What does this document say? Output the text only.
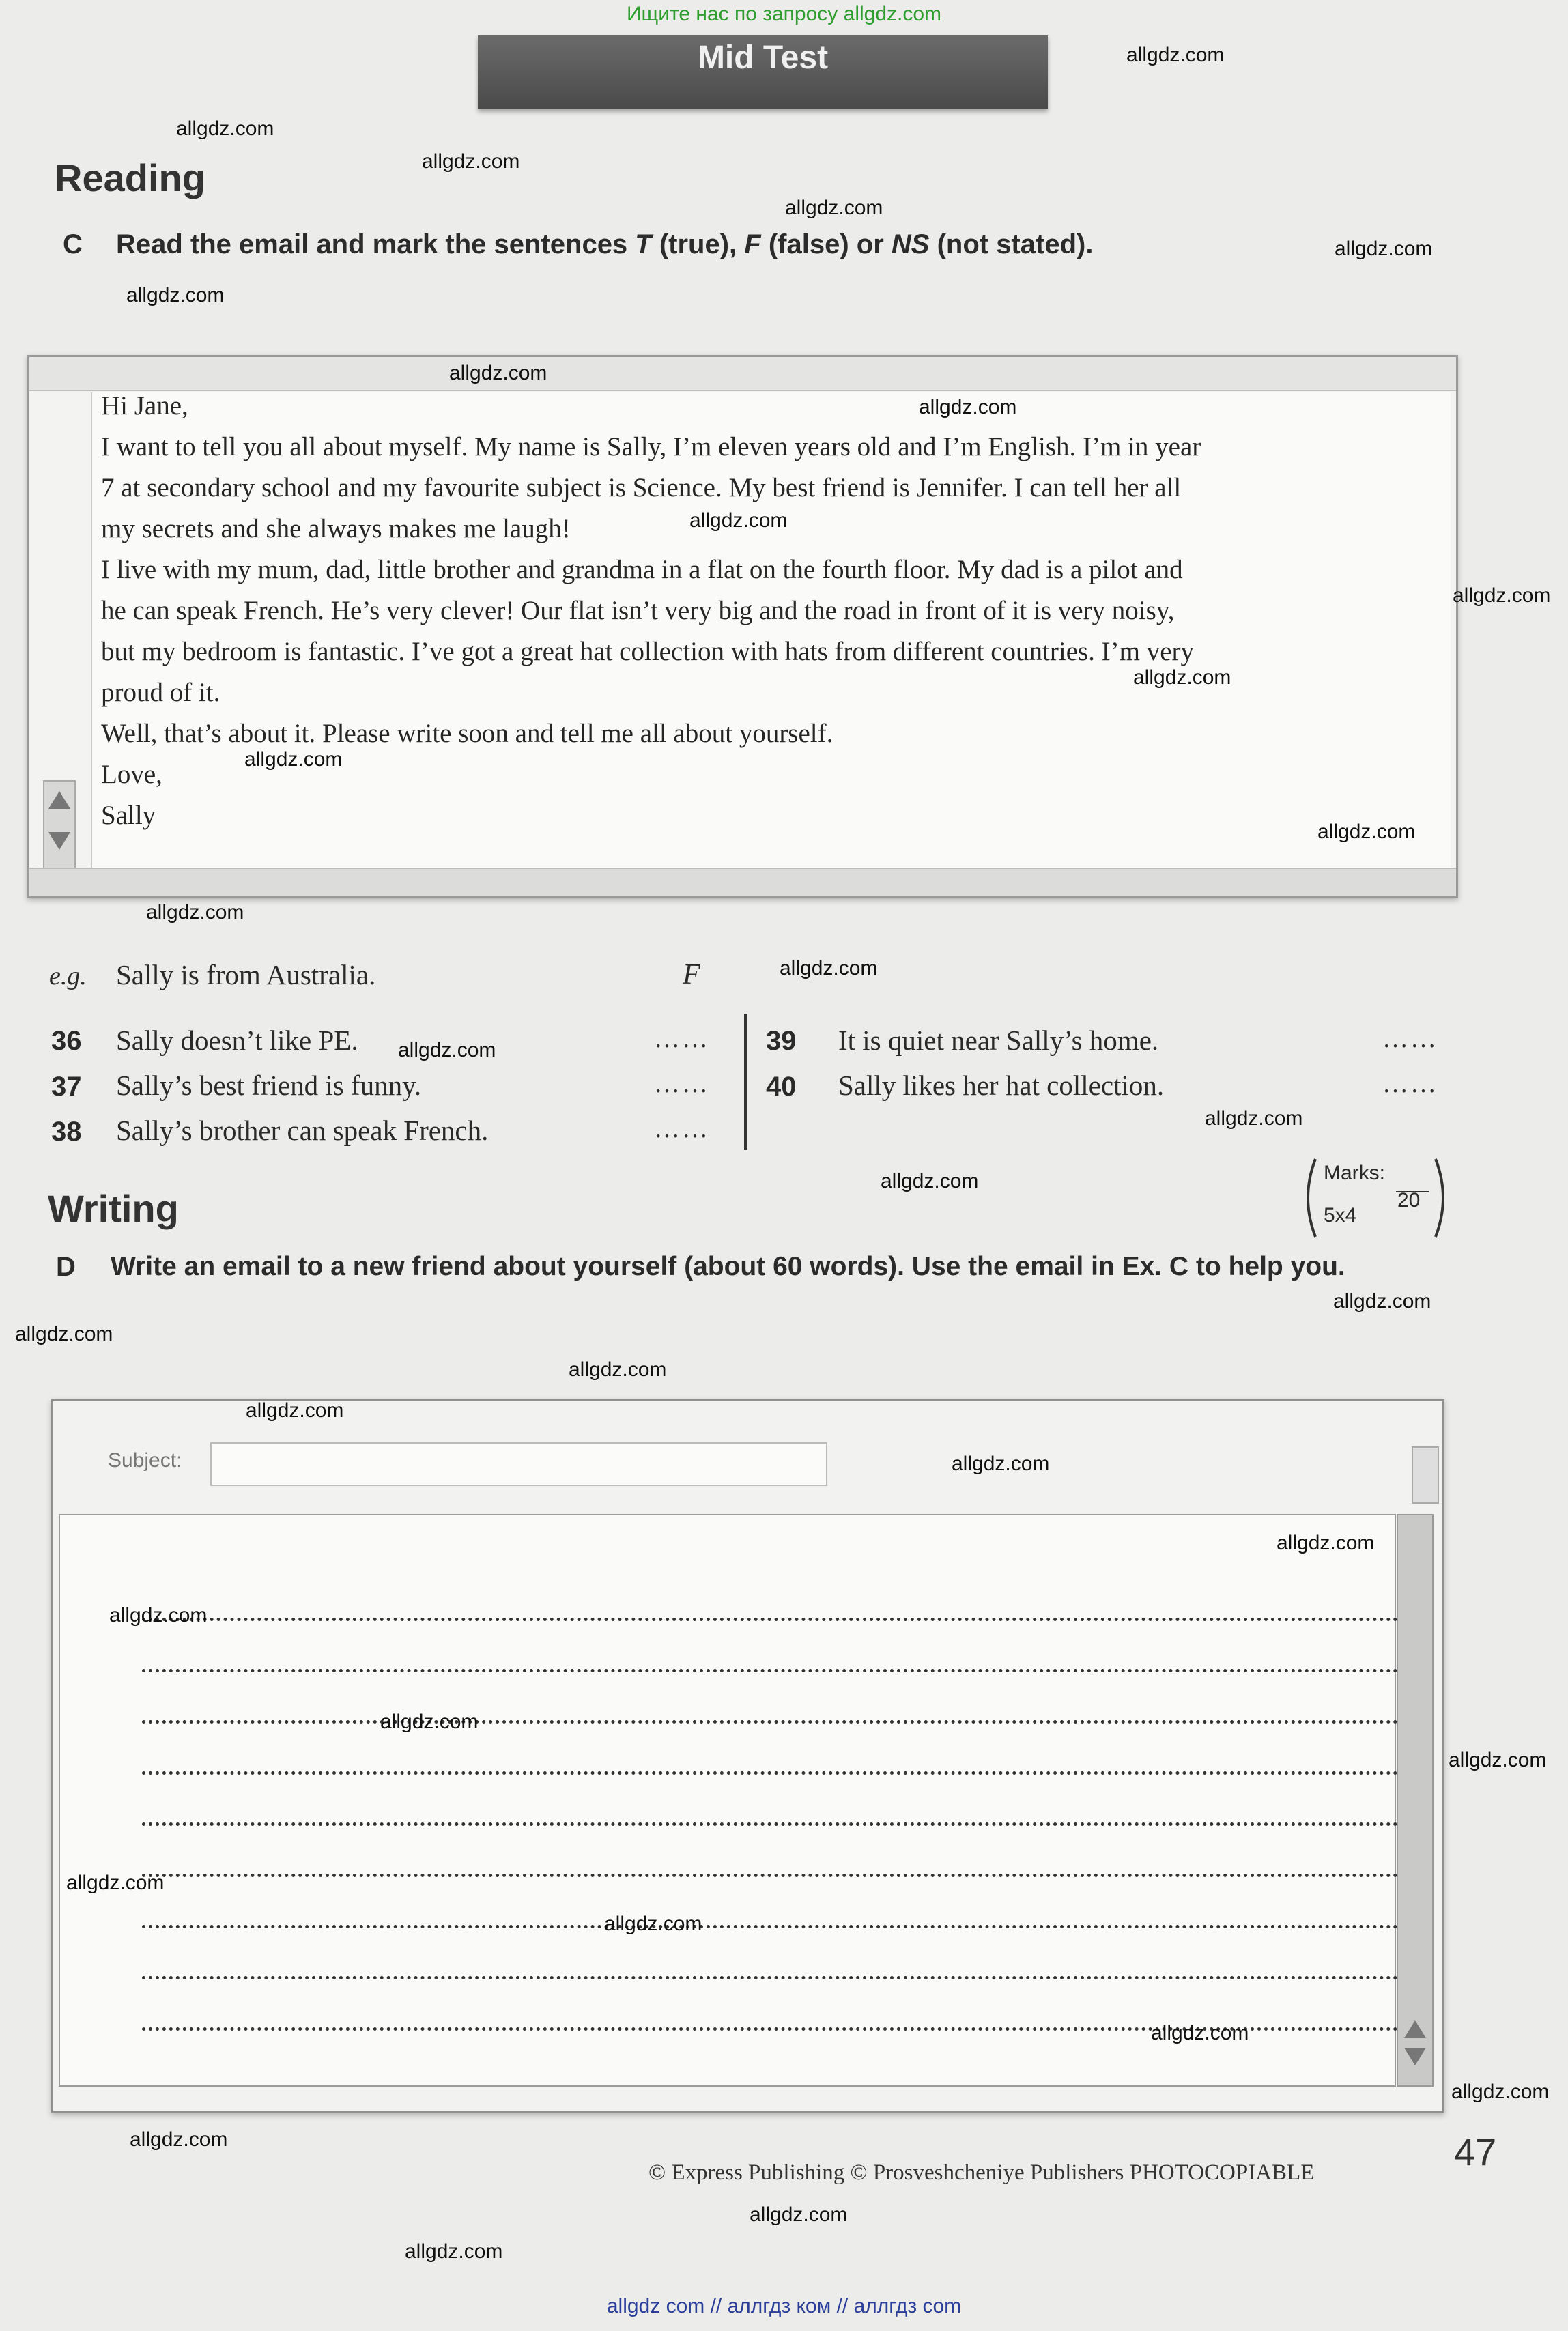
Ищите нас по запросу allgdz.com
Mid Test
Reading
C Read the email and mark the sentences T (true), F (false) or NS (not stated).

Hi Jane,

I want to tell you all about myself. My name is Sally, I’m eleven years old and I’m English. I’m in year

7 at secondary school and my favourite subject is Science. My best friend is Jennifer. I can tell her all

my secrets and she always makes me laugh!

I live with my mum, dad, little brother and grandma in a flat on the fourth floor. My dad is a pilot and

he can speak French. He’s very clever! Our flat isn’t very big and the road in front of it is very noisy,

but my bedroom is fantastic. I’ve got a great hat collection with hats from different countries. I’m very

proud of it.

Well, that’s about it. Please write soon and tell me all about yourself.

Love,

Sally

e.g. Sally is from Australia.	F
36 Sally doesn’t like PE.	……
37 Sally’s best friend is funny.	……
38 Sally’s brother can speak French.	……
39 It is quiet near Sally’s home.	……
40 Sally likes her hat collection.	……
Marks:
20
5x4
Writing
D Write an email to a new friend about yourself (about 60 words). Use the email in Ex. C to help you.
Subject:
© Express Publishing © Prosveshcheniye Publishers PHOTOCOPIABLE	47
allgdz.com
allgdz.com
allgdz.com
allgdz.com
allgdz.com
allgdz.com
allgdz.com
allgdz.com
allgdz.com
allgdz.com
allgdz.com
allgdz.com
allgdz.com
allgdz.com
allgdz.com
allgdz.com
allgdz.com
allgdz.com
allgdz.com
allgdz.com
allgdz.com
allgdz.com
allgdz.com
allgdz.com
allgdz.com
allgdz.com
allgdz.com
allgdz.com
allgdz.com
allgdz.com
allgdz.com
allgdz.com
allgdz.com
allgdz.com
allgdz com // аллгдз ком // аллгдз com
